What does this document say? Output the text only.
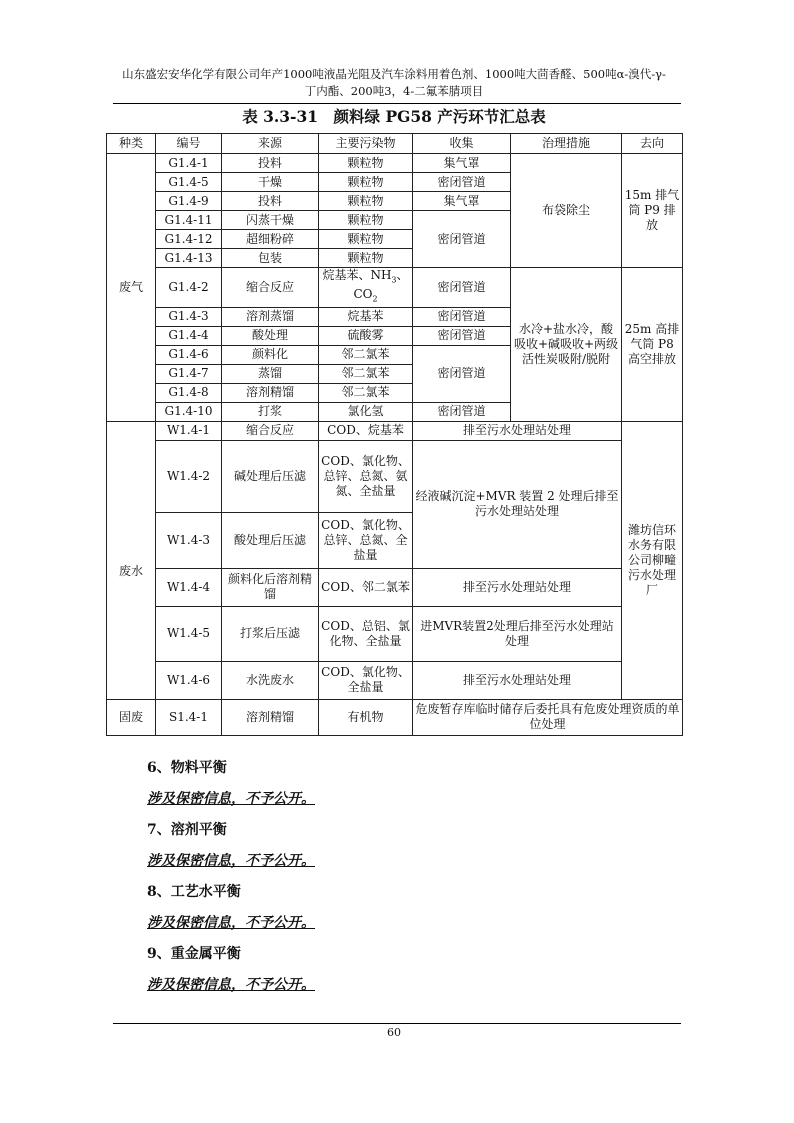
山东盛宏安华化学有限公司年产1000吨液晶光阻及汽车涂料用着色剂、1000吨大茴香醛、500吨α-溴代-γ-
丁内酯、200吨3，4-二氟苯腈项目
表 3.3-31　颜料绿 PG58 产污环节汇总表
种类	编号	来源	主要污染物	收集	治理措施	去向
废气	G1.4-1	投料	颗粒物	集气罩	布袋除尘	15m 排气筒 P9 排放
	G1.4-5	干燥	颗粒物	密闭管道		
	G1.4-9	投料	颗粒物	集气罩		
	G1.4-11	闪蒸干燥	颗粒物	密闭管道		
	G1.4-12	超细粉碎	颗粒物			
	G1.4-13	包装	颗粒物			
	G1.4-2	缩合反应	烷基苯、$NH_3$、
$CO_2$	密闭管道	水冷+盐水冷，酸吸收+碱吸收+两级活性炭吸附/脱附	25m 高排气筒 P8 高空排放
	G1.4-3	溶剂蒸馏	烷基苯	密闭管道		
	G1.4-4	酸处理	硫酸雾	密闭管道		
	G1.4-6	颜料化	邻二氯苯	密闭管道		
	G1.4-7	蒸馏	邻二氯苯			
	G1.4-8	溶剂精馏	邻二氯苯			
	G1.4-10	打浆	氯化氢	密闭管道		
废水	W1.4-1	缩合反应	COD、烷基苯	排至污水处理站处理		潍坊信环水务有限公司柳疃污水处理厂
	W1.4-2	碱处理后压滤	COD、氯化物、总锌、总氮、氨氮、全盐量	经液碱沉淀+MVR 装置 2 处理后排至污水处理站处理		
	W1.4-3	酸处理后压滤	COD、氯化物、总锌、总氮、全盐量			
	W1.4-4	颜料化后溶剂精馏	COD、邻二氯苯	排至污水处理站处理		
	W1.4-5	打浆后压滤	COD、总铝、氯化物、全盐量	进MVR装置2处理后排至污水处理站处理		
	W1.4-6	水洗废水	COD、氯化物、全盐量	排至污水处理站处理		
固废	S1.4-1	溶剂精馏	有机物	危废暂存库临时储存后委托具有危废处理资质的单位处理		
6、物料平衡
涉及保密信息，不予公开。
7、溶剂平衡
涉及保密信息，不予公开。
8、工艺水平衡
涉及保密信息，不予公开。
9、重金属平衡
涉及保密信息，不予公开。
60
